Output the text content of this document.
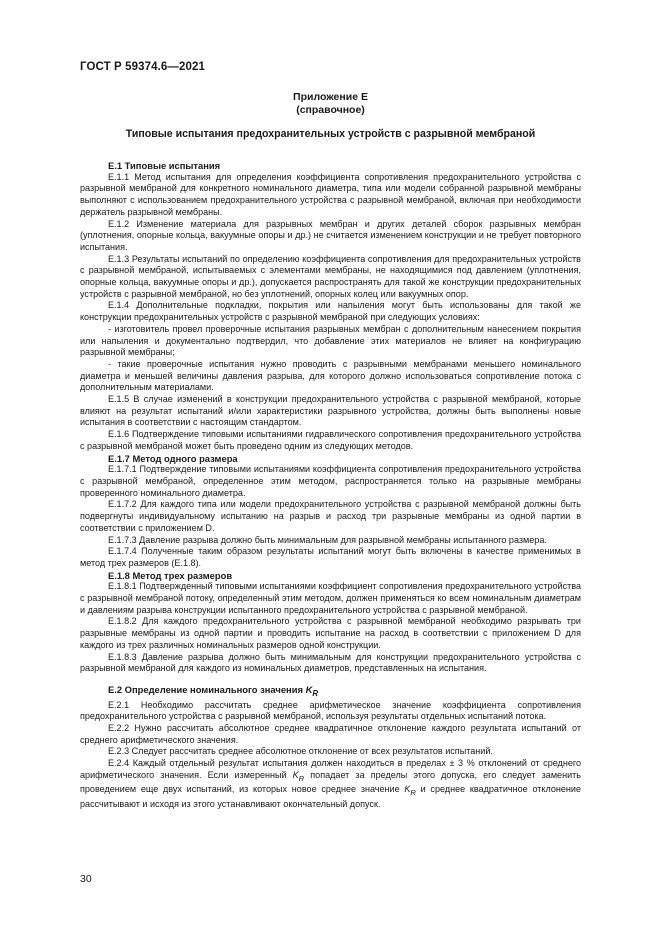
ГОСТ Р 59374.6—2021
Приложение Е
(справочное)
Типовые испытания предохранительных устройств с разрывной мембраной
Е.1 Типовые испытания

Е.1.1 Метод испытания для определения коэффициента сопротивления предохранительного устройства с разрывной мембраной для конкретного номинального диаметра, типа или модели собранной разрывной мембраны выполняют с использованием предохранительного устройства с разрывной мембраной, включая при необходимости держатель разрывной мембраны.

Е.1.2 Изменение материала для разрывных мембран и других деталей сборок разрывных мембран (уплотнения, опорные кольца, вакуумные опоры и др.) не считается изменением конструкции и не требует повторного испытания.

Е.1.3 Результаты испытаний по определению коэффициента сопротивления для предохранительных устройств с разрывной мембраной, испытываемых с элементами мембраны, не находящимися под давлением (уплотнения, опорные кольца, вакуумные опоры и др.), допускается распространять для такой же конструкции предохранительных устройств с разрывной мембраной, но без уплотнений, опорных колец или вакуумных опор.

Е.1.4 Дополнительные подкладки, покрытия или напыления могут быть использованы для такой же конструкции предохранительных устройств с разрывной мембраной при следующих условиях:

- изготовитель провел проверочные испытания разрывных мембран с дополнительным нанесением покрытия или напыления и документально подтвердил, что добавление этих материалов не влияет на конфигурацию разрывной мембраны;

- такие проверочные испытания нужно проводить с разрывными мембранами меньшего номинального диаметра и меньшей величины давления разрыва, для которого должно использоваться сопротивление потока с дополнительным материалами.

Е.1.5 В случае изменений в конструкции предохранительного устройства с разрывной мембраной, которые влияют на результат испытаний и/или характеристики разрывного устройства, должны быть выполнены новые испытания в соответствии с настоящим стандартом.

Е.1.6 Подтверждение типовыми испытаниями гидравлического сопротивления предохранительного устройства с разрывной мембраной может быть проведено одним из следующих методов.

Е.1.7 Метод одного размера

Е.1.7.1 Подтверждение типовыми испытаниями коэффициента сопротивления предохранительного устройства с разрывной мембраной, определенное этим методом, распространяется только на разрывные мембраны проверенного номинального диаметра.

Е.1.7.2 Для каждого типа или модели предохранительного устройства с разрывной мембраной должны быть подвергнуты индивидуальному испытанию на разрыв и расход три разрывные мембраны из одной партии в соответствии с приложением D.

Е.1.7.3 Давление разрыва должно быть минимальным для разрывной мембраны испытанного размера.

Е.1.7.4 Полученные таким образом результаты испытаний могут быть включены в качестве применимых в метод трех размеров (Е.1.8).

Е.1.8 Метод трех размеров

Е.1.8.1 Подтвержденный типовыми испытаниями коэффициент сопротивления предохранительного устройства с разрывной мембраной потоку, определенный этим методом, должен применяться ко всем номинальным диаметрам и давлениям разрыва конструкции испытанного предохранительного устройства с разрывной мембраной.

Е.1.8.2 Для каждого предохранительного устройства с разрывной мембраной необходимо разрывать три разрывные мембраны из одной партии и проводить испытание на расход в соответствии с приложением D для каждого из трех различных номинальных размеров одной конструкции.

Е.1.8.3 Давление разрыва должно быть минимальным для конструкции предохранительного устройства с разрывной мембраной для каждого из номинальных диаметров, представленных на испытания.

Е.2 Определение номинального значения $K_R$

Е.2.1 Необходимо рассчитать среднее арифметическое значение коэффициента сопротивления предохранительного устройства с разрывной мембраной, используя результаты отдельных испытаний потока.

Е.2.2 Нужно рассчитать абсолютное среднее квадратичное отклонение каждого результата испытаний от среднего арифметического значения.

Е.2.3 Следует рассчитать среднее абсолютное отклонение от всех результатов испытаний.

Е.2.4 Каждый отдельный результат испытания должен находиться в пределах ± 3 % отклонений от среднего арифметического значения. Если измеренный $K_R$ попадает за пределы этого допуска, его следует заменить проведением еще двух испытаний, из которых новое среднее значение $K_R$ и среднее квадратичное отклонение рассчитывают и исходя из этого устанавливают окончательный допуск.

30
